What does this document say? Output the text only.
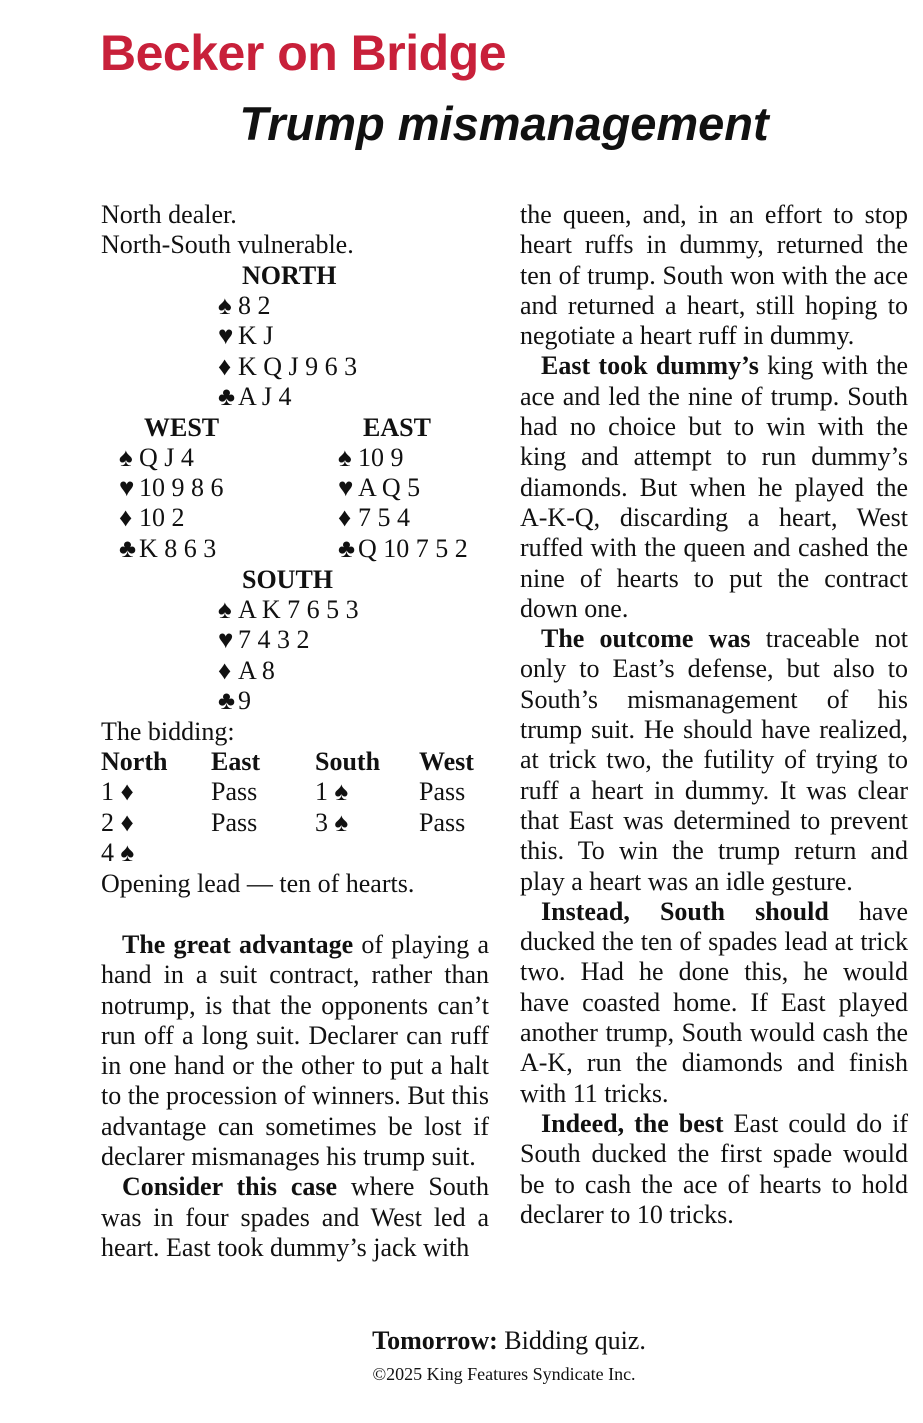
Becker on Bridge
Trump mismanagement
North dealer.
North-South vulnerable.
NORTH
♠ 8 2
♥ K J
♦ K Q J 9 6 3
♣ A J 4
WEST	EAST
♠ Q J 4
♥ 10 9 8 6
♦ 10 2
♣ K 8 6 3
♠ 10 9
♥ A Q 5
♦ 7 5 4
♣ Q 10 7 5 2
SOUTH
♠ A K 7 6 5 3
♥ 7 4 3 2
♦ A 8
♣ 9
The bidding:
North East South West
1 ♦	Pass 1 ♠	Pass
2 ♦	Pass 3 ♠	Pass
4 ♠
Opening lead — ten of hearts.

The great advantage of playing a hand in a suit contract, rather than notrump, is that the opponents can’t run off a long suit. Declarer can ruff in one hand or the other to put a halt to the procession of winners. But this advantage can sometimes be lost if declarer mismanages his trump suit.

Consider this case where South was in four spades and West led a heart. East took dummy’s jack with

the queen, and, in an effort to stop heart ruffs in dummy, returned the ten of trump. South won with the ace and returned a heart, still hoping to negotiate a heart ruff in dummy.

East took dummy’s king with the ace and led the nine of trump. South had no choice but to win with the king and attempt to run dummy’s diamonds. But when he played the A-K-Q, discarding a heart, West ruffed with the queen and cashed the nine of hearts to put the contract down one.

The outcome was traceable not only to East’s defense, but also to South’s mismanagement of his trump suit. He should have realized, at trick two, the futility of trying to ruff a heart in dummy. It was clear that East was determined to prevent this. To win the trump return and play a heart was an idle gesture.

Instead, South should have ducked the ten of spades lead at trick two. Had he done this, he would have coasted home. If East played another trump, South would cash the A-K, run the diamonds and finish with 11 tricks.

Indeed, the best East could do if South ducked the first spade would be to cash the ace of hearts to hold declarer to 10 tricks.

Tomorrow: Bidding quiz.
©2025 King Features Syndicate Inc.
